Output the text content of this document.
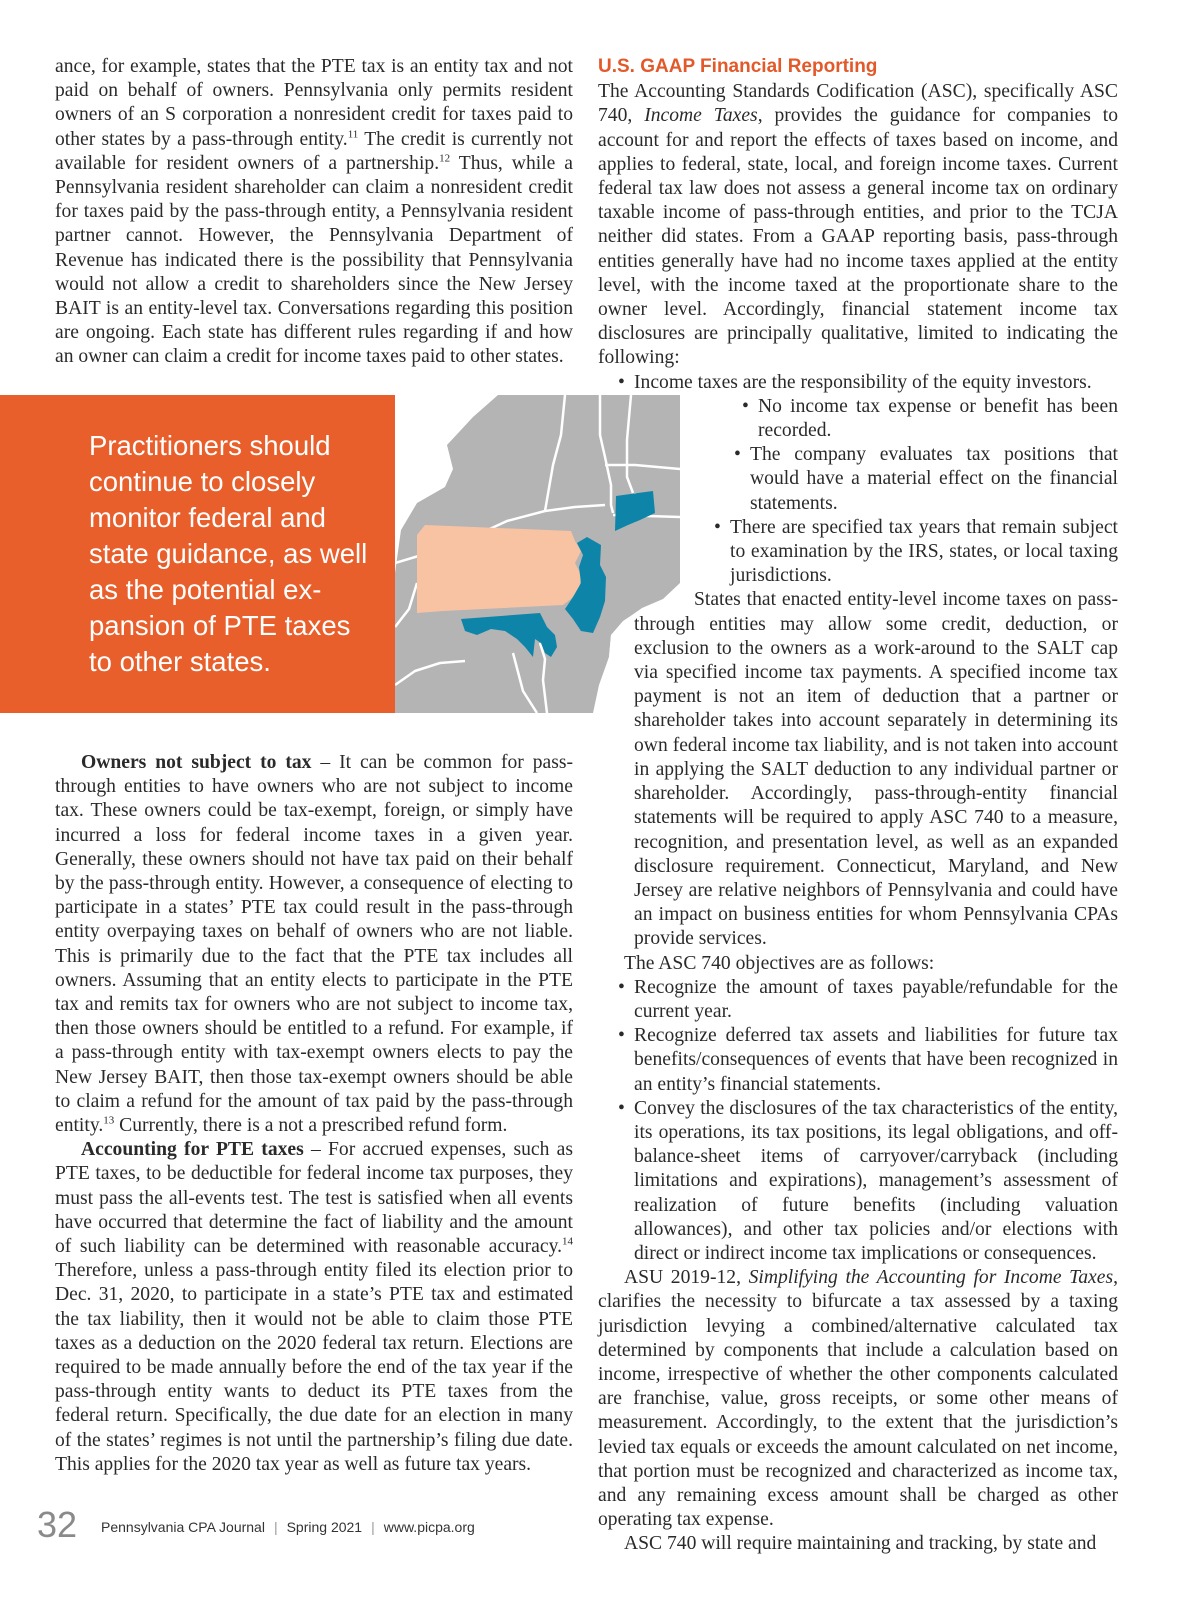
ance, for example, states that the PTE tax is an entity tax and not paid on behalf of owners. Pennsylvania only permits resident owners of an S corporation a nonresident credit for taxes paid to other states by a pass-through entity.$^{11}$ The credit is currently not available for resident owners of a partnership.$^{12}$ Thus, while a Pennsylvania resident shareholder can claim a nonresident credit for taxes paid by the pass-through entity, a Pennsylvania resident partner cannot. However, the Pennsylvania Department of Revenue has indicated there is the possibility that Pennsylvania would not allow a credit to shareholders since the New Jersey BAIT is an entity-level tax. Conversations regarding this position are ongoing. Each state has different rules regarding if and how an owner can claim a credit for income taxes paid to other states.

Practitioners should
continue to closely
monitor federal and
state guidance, as well
as the potential ex-
pansion of PTE taxes
to other states.

Owners not subject to tax – It can be common for pass-through entities to have owners who are not subject to income tax. These owners could be tax-exempt, foreign, or simply have incurred a loss for federal income taxes in a given year. Generally, these owners should not have tax paid on their behalf by the pass-through entity. However, a consequence of electing to participate in a states’ PTE tax could result in the pass-through entity overpaying taxes on behalf of owners who are not liable. This is primarily due to the fact that the PTE tax includes all owners. Assuming that an entity elects to participate in the PTE tax and remits tax for owners who are not subject to income tax, then those owners should be entitled to a refund. For example, if a pass-through entity with tax-exempt owners elects to pay the New Jersey BAIT, then those tax-exempt owners should be able to claim a refund for the amount of tax paid by the pass-through entity.$^{13}$ Currently, there is a not a prescribed refund form.

Accounting for PTE taxes – For accrued expenses, such as PTE taxes, to be deductible for federal income tax purposes, they must pass the all-events test. The test is satisfied when all events have occurred that determine the fact of liability and the amount of such liability can be determined with reasonable accuracy.$^{14}$ Therefore, unless a pass-through entity filed its election prior to Dec. 31, 2020, to participate in a state’s PTE tax and estimated the tax liability, then it would not be able to claim those PTE taxes as a deduction on the 2020 federal tax return. Elections are required to be made annually before the end of the tax year if the pass-through entity wants to deduct its PTE taxes from the federal return. Specifically, the due date for an election in many of the states’ regimes is not until the partnership’s filing due date. This applies for the 2020 tax year as well as future tax years.

U.S. GAAP Financial Reporting

The Accounting Standards Codification (ASC), specifically ASC 740, Income Taxes, provides the guidance for companies to account for and report the effects of taxes based on income, and applies to federal, state, local, and foreign income taxes. Current federal tax law does not assess a general income tax on ordinary taxable income of pass-through entities, and prior to the TCJA neither did states. From a GAAP reporting basis, pass-through entities generally have had no income taxes applied at the entity level, with the income taxed at the proportionate share to the owner level. Accordingly, financial statement income tax disclosures are principally qualitative, limited to indicating the following:

• Income taxes are the responsibility of the equity investors.
• No income tax expense or benefit has been recorded.
• The company evaluates tax positions that would have a material effect on the financial statements.
• There are specified tax years that remain subject to examination by the IRS, states, or local taxing jurisdictions.

States that enacted entity-level income taxes on pass-through entities may allow some credit, deduction, or exclusion to the owners as a work-around to the SALT cap via specified income tax payments. A specified income tax payment is not an item of deduction that a partner or shareholder takes into account separately in determining its own federal income tax liability, and is not taken into account in applying the SALT deduction to any individual partner or shareholder. Accordingly, pass-through-entity financial statements will be required to apply ASC 740 to a measure, recognition, and presentation level, as well as an expanded disclosure requirement. Connecticut, Maryland, and New Jersey are relative neighbors of Pennsylvania and could have an impact on business entities for whom Pennsylvania CPAs provide services.

The ASC 740 objectives are as follows:

• Recognize the amount of taxes payable/refundable for the current year.
• Recognize deferred tax assets and liabilities for future tax benefits/consequences of events that have been recognized in an entity’s financial statements.
• Convey the disclosures of the tax characteristics of the entity, its operations, its tax positions, its legal obligations, and off-balance-sheet items of carryover/carryback (including limitations and expirations), management’s assessment of realization of future benefits (including valuation allowances), and other tax policies and/or elections with direct or indirect income tax implications or consequences.

ASU 2019-12, Simplifying the Accounting for Income Taxes, clarifies the necessity to bifurcate a tax assessed by a taxing jurisdiction levying a combined/alternative calculated tax determined by components that include a calculation based on income, irrespective of whether the other components calculated are franchise, value, gross receipts, or some other means of measurement. Accordingly, to the extent that the jurisdiction’s levied tax equals or exceeds the amount calculated on net income, that portion must be recognized and characterized as income tax, and any remaining excess amount shall be charged as other operating tax expense.

ASC 740 will require maintaining and tracking, by state and

32 Pennsylvania CPA Journal | Spring 2021 | www.picpa.org
